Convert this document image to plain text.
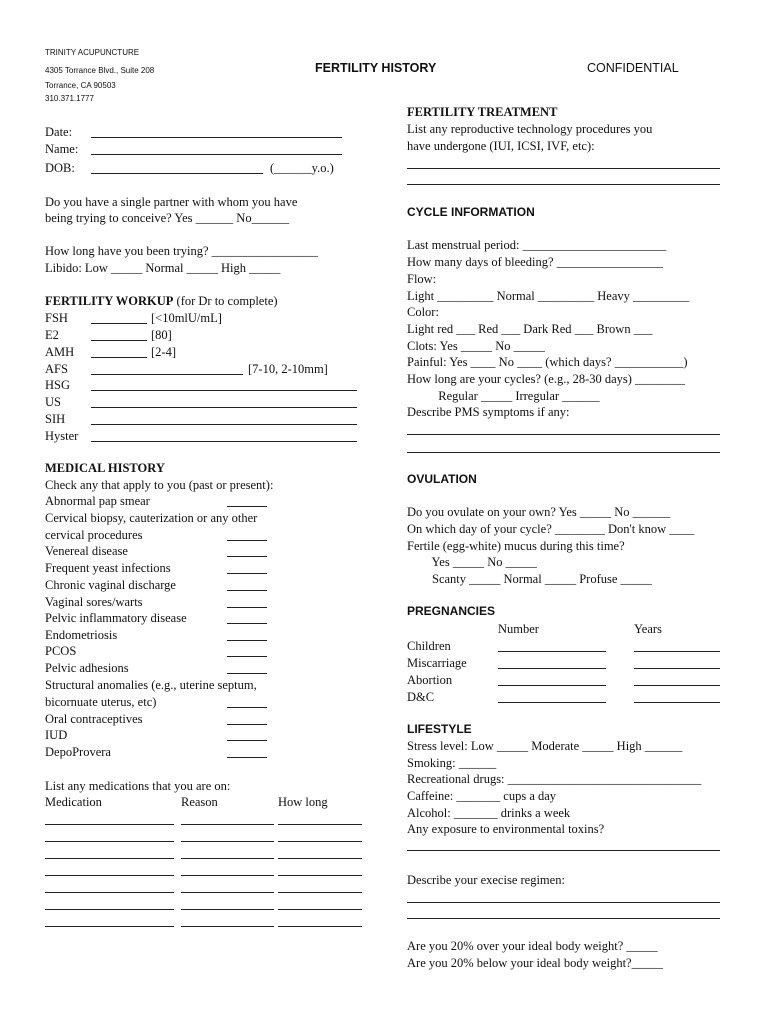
TRINITY ACUPUNCTURE
4305 Torrance Blvd., Suite 208
Torrance, CA 90503
310.371.1777
FERTILITY HISTORY	CONFIDENTIAL
Date:
Name:
DOB:	(______y.o.)
Do you have a single partner with whom you have
being trying to conceive? Yes ______ No______
How long have you been trying? _________________
Libido: Low _____ Normal _____ High _____
FERTILITY WORKUP (for Dr to complete)
FSH	[<10mlU/mL]
E2	[80]
AMH	[2-4]
AFS	[7-10, 2-10mm]
HSG
US
SIH
Hyster
MEDICAL HISTORY
Check any that apply to you (past or present):
Abnormal pap smear
Cervical biopsy, cauterization or any other
cervical procedures
Venereal disease
Frequent yeast infections
Chronic vaginal discharge
Vaginal sores/warts
Pelvic inflammatory disease
Endometriosis
PCOS
Pelvic adhesions
Structural anomalies (e.g., uterine septum,
bicornuate uterus, etc)
Oral contraceptives
IUD
DepoProvera
List any medications that you are on:
Medication	Reason	How long
FERTILITY TREATMENT
List any reproductive technology procedures you
have undergone (IUI, ICSI, IVF, etc):
CYCLE INFORMATION
Last menstrual period: _______________________
How many days of bleeding? _________________
Flow:
Light _________ Normal _________ Heavy _________
Color:
Light red ___ Red ___ Dark Red ___ Brown ___
Clots: Yes _____ No _____
Painful: Yes ____ No ____ (which days? ___________)
How long are your cycles? (e.g., 28-30 days) ________
Regular _____ Irregular ______
Describe PMS symptoms if any:
OVULATION
Do you ovulate on your own? Yes _____ No ______
On which day of your cycle? ________ Don't know ____
Fertile (egg-white) mucus during this time?
Yes _____ No _____
Scanty _____ Normal _____ Profuse _____
PREGNANCIES
Number	Years
Children
Miscarriage
Abortion
D&C
LIFESTYLE
Stress level: Low _____ Moderate _____ High ______
Smoking: ______
Recreational drugs: _______________________________
Caffeine: _______ cups a day
Alcohol: _______ drinks a week
Any exposure to environmental toxins?
Describe your execise regimen:
Are you 20% over your ideal body weight? _____
Are you 20% below your ideal body weight?_____
